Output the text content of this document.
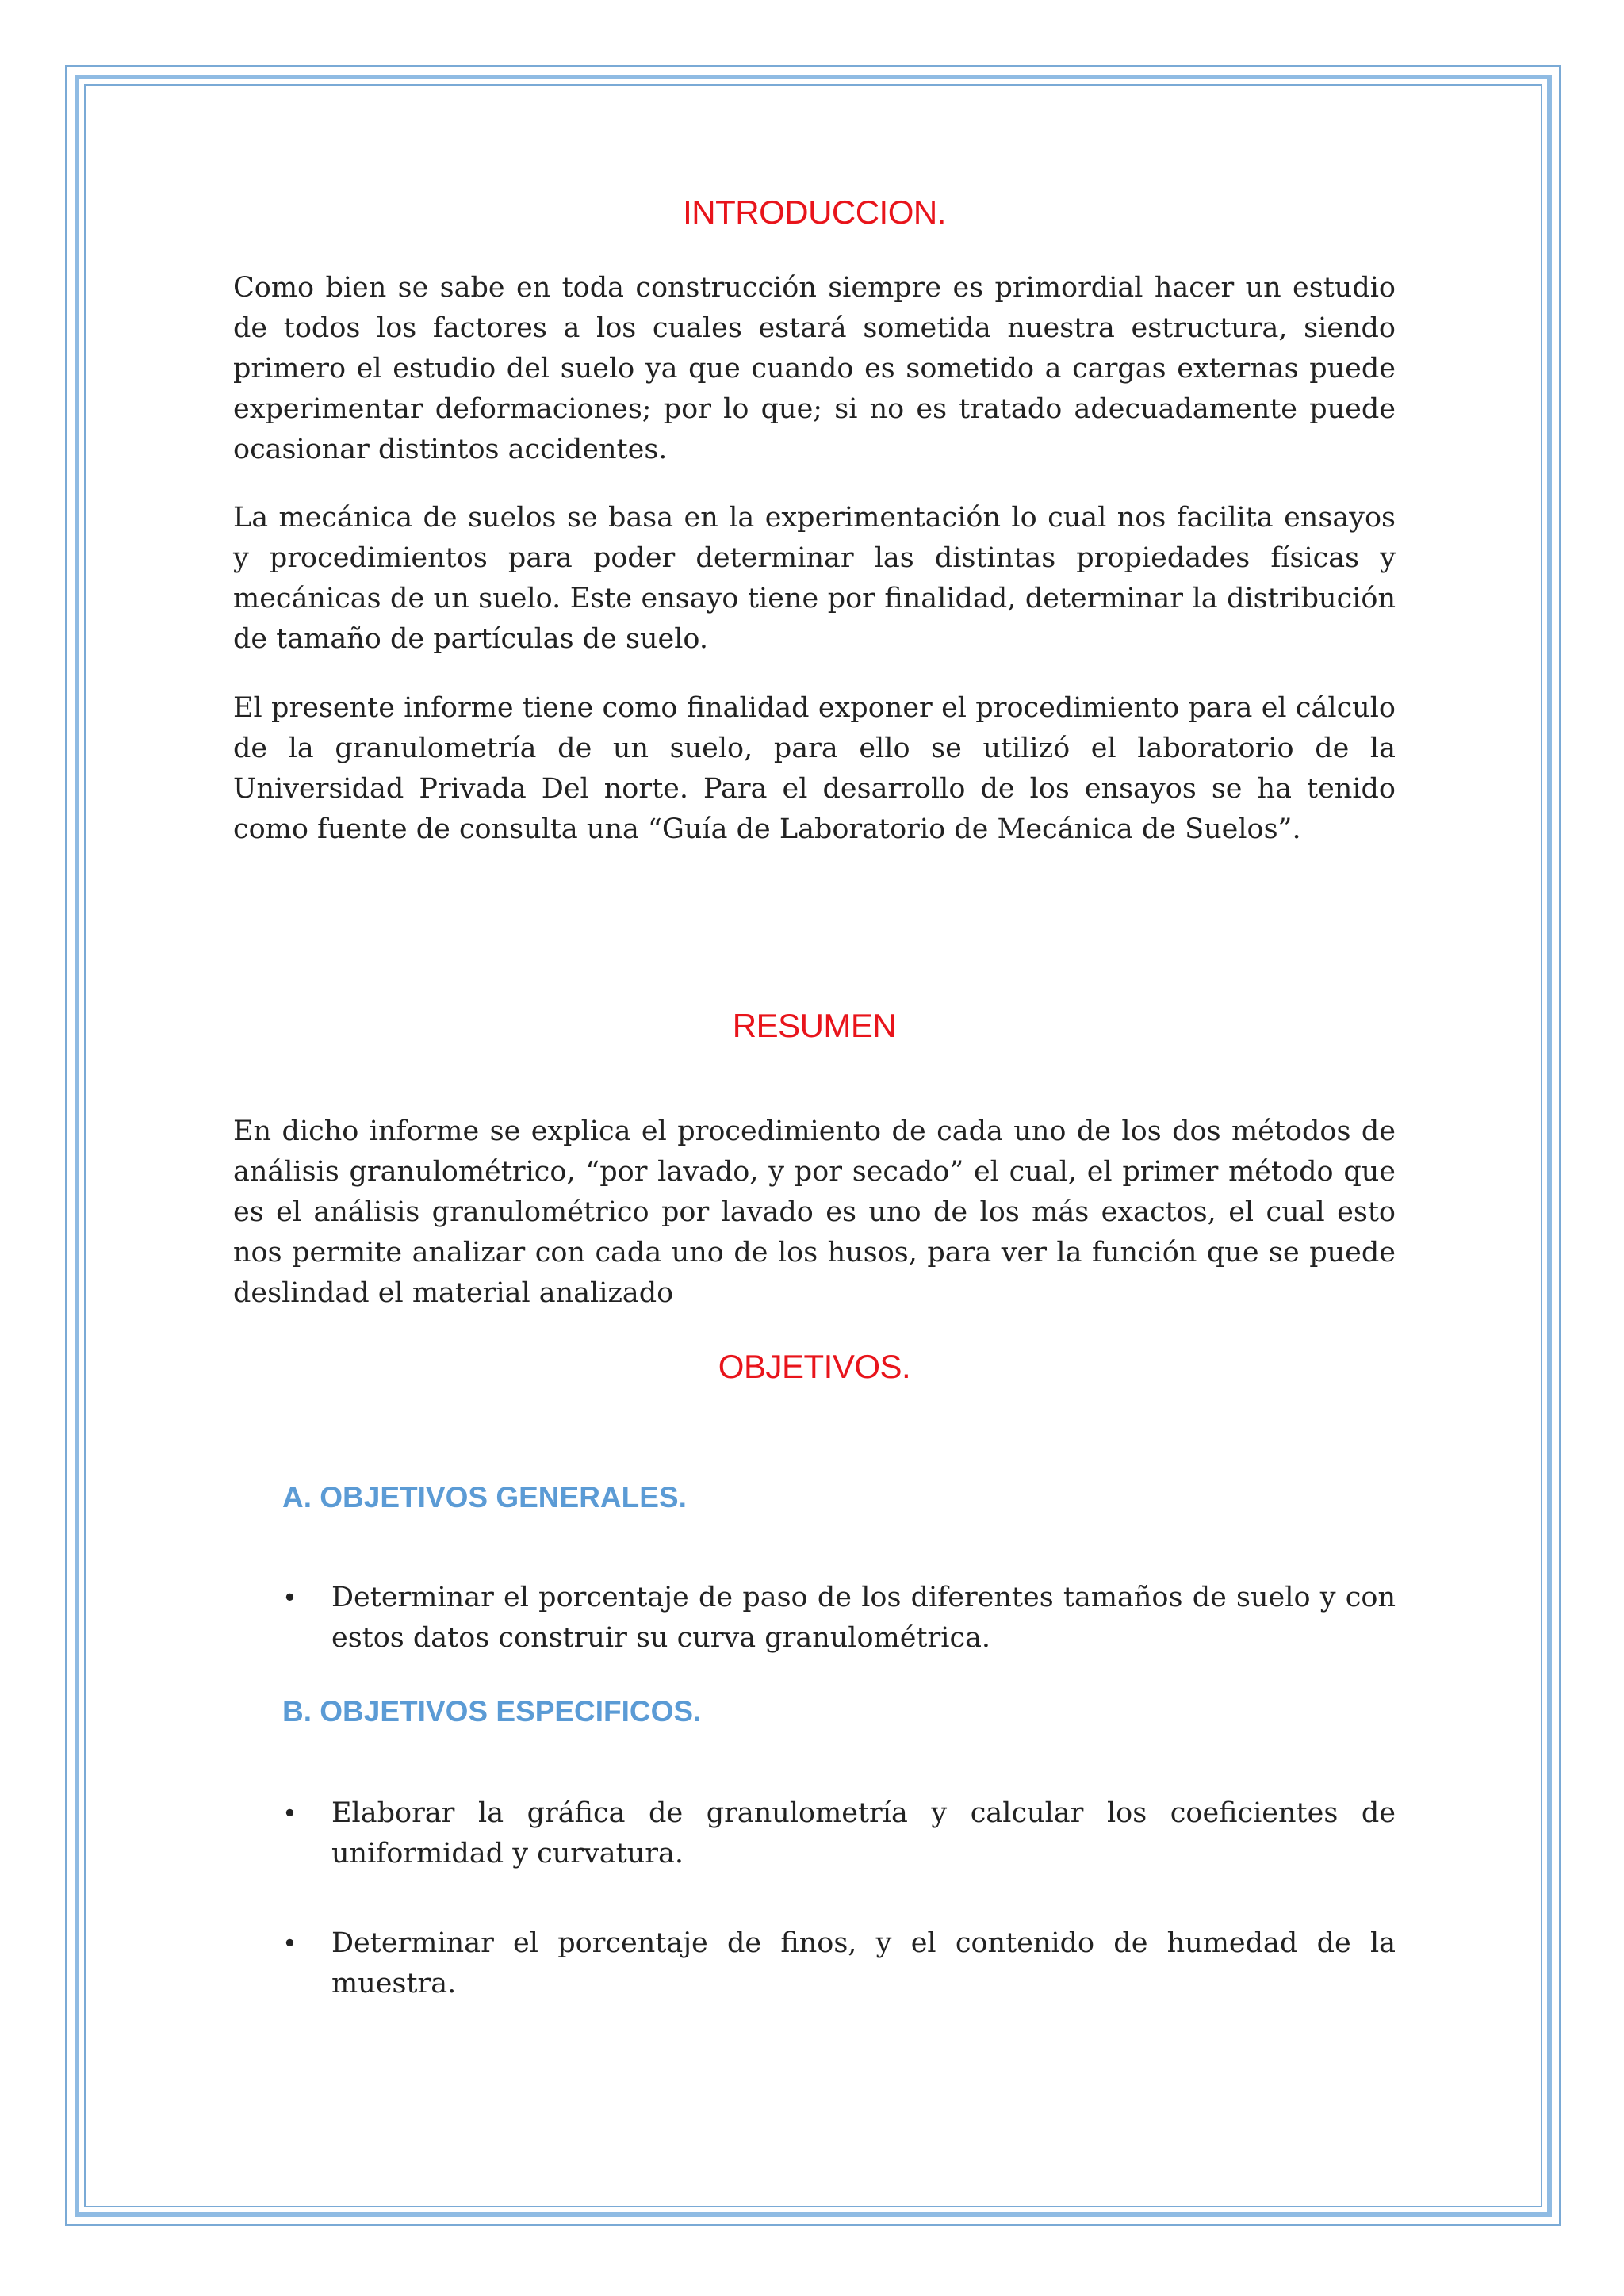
INTRODUCCION.
Como bien se sabe en toda construcción siempre es primordial hacer un estudio de todos los factores a los cuales estará sometida nuestra estructura, siendo primero el estudio del suelo ya que cuando es sometido a cargas externas puede experimentar deformaciones; por lo que; si no es tratado adecuadamente puede ocasionar distintos accidentes.
La mecánica de suelos se basa en la experimentación lo cual nos facilita ensayos y procedimientos para poder determinar las distintas propiedades físicas y mecánicas de un suelo. Este ensayo tiene por finalidad, determinar la distribución de tamaño de partículas de suelo.
El presente informe tiene como finalidad exponer el procedimiento para el cálculo de la granulometría de un suelo, para ello se utilizó el laboratorio de la Universidad Privada Del norte. Para el desarrollo de los ensayos se ha tenido como fuente de consulta una “Guía de Laboratorio de Mecánica de Suelos”.
RESUMEN
En dicho informe se explica el procedimiento de cada uno de los dos métodos de análisis granulométrico, “por lavado, y por secado” el cual, el primer método que es el análisis granulométrico por lavado es uno de los más exactos, el cual esto nos permite analizar con cada uno de los husos, para ver la función que se puede deslindad el material analizado
OBJETIVOS.
A. OBJETIVOS GENERALES.
• Determinar el porcentaje de paso de los diferentes tamaños de suelo y con estos datos construir su curva granulométrica.
B. OBJETIVOS ESPECIFICOS.
• Elaborar la gráfica de granulometría y calcular los coeficientes de uniformidad y curvatura.
• Determinar el porcentaje de finos, y el contenido de humedad de la muestra.
